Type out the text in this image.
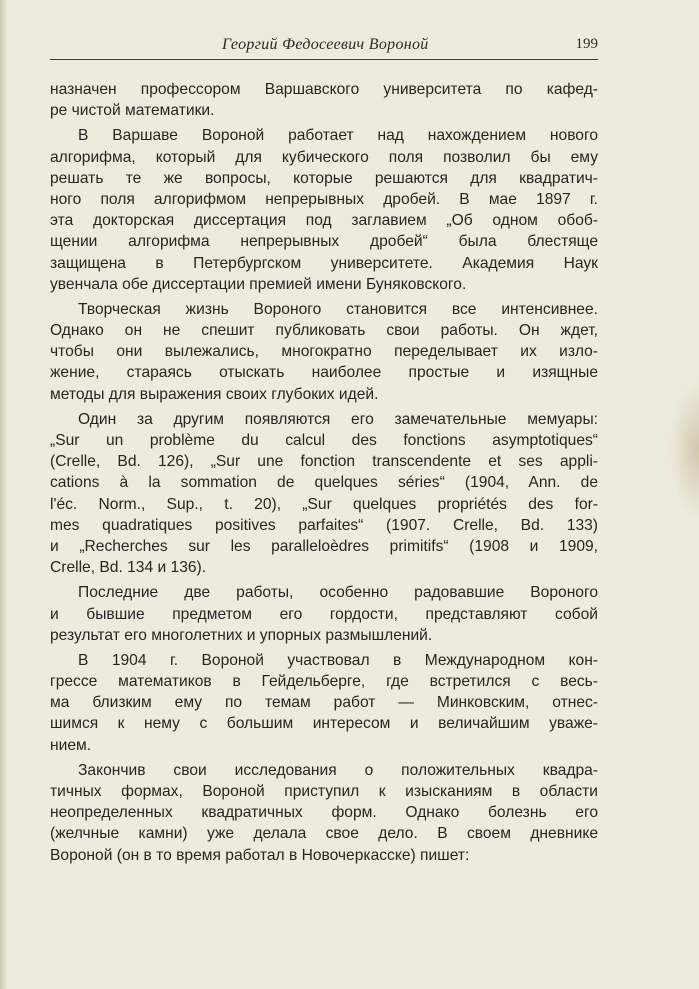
Георгий Федосеевич Вороной	199
назначен профессором Варшавского университета по кафед-
ре чистой математики.
В Варшаве Вороной работает над нахождением нового
алгорифма, который для кубического поля позволил бы ему
решать те же вопросы, которые решаются для квадратич-
ного поля алгорифмом непрерывных дробей. В мае 1897 г.
эта докторская диссертация под заглавием „Об одном обоб-
щении алгорифма непрерывных дробей“ была блестяще
защищена в Петербургском университете. Академия Наук
увенчала обе диссертации премией имени Буняковского.
Творческая жизнь Вороного становится все интенсивнее.
Однако он не спешит публиковать свои работы. Он ждет,
чтобы они вылежались, многократно переделывает их изло-
жение, стараясь отыскать наиболее простые и изящные
методы для выражения своих глубоких идей.
Один за другим появляются его замечательные мемуары:
„Sur un problème du calcul des fonctions asymptotiques“
(Crelle, Bd. 126), „Sur une fonction transcendente et ses appli-
cations à la sommation de quelques séries“ (1904, Ann. de
l'éc. Norm., Sup., t. 20), „Sur quelques propriétés des for-
mes quadratiques positives parfaites“ (1907. Crelle, Bd. 133)
и „Recherches sur les paralleloèdres primitifs“ (1908 и 1909,
Crelle, Bd. 134 и 136).
Последние две работы, особенно радовавшие Вороного
и бывшие предметом его гордости, представляют собой
результат его многолетних и упорных размышлений.
В 1904 г. Вороной участвовал в Международном кон-
грессе математиков в Гейдельберге, где встретился с весь-
ма близким ему по темам работ — Минковским, отнес-
шимся к нему с большим интересом и величайшим уваже-
нием.
Закончив свои исследования о положительных квадра-
тичных формах, Вороной приступил к изысканиям в области
неопределенных квадратичных форм. Однако болезнь его
(желчные камни) уже делала свое дело. В своем дневнике
Вороной (он в то время работал в Новочеркасске) пишет:
